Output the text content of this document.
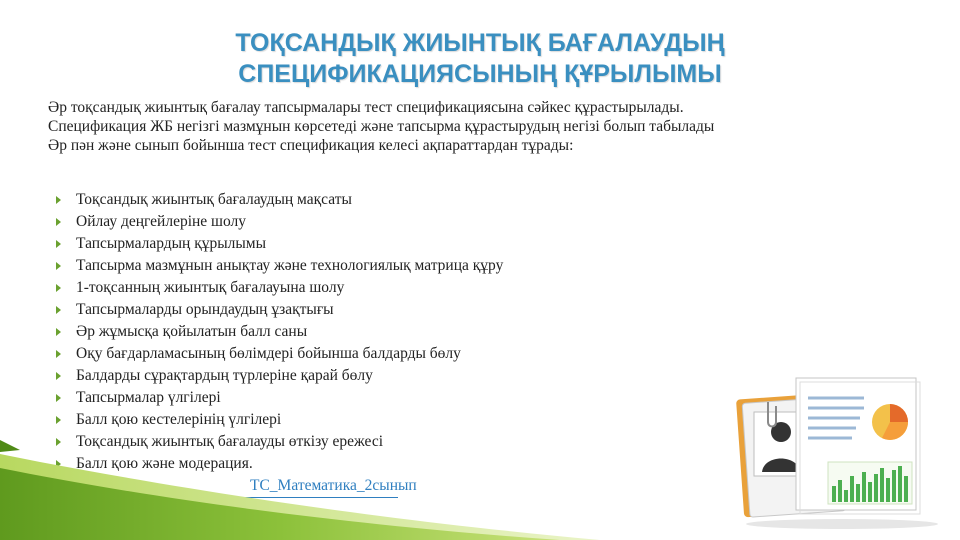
ТОҚСАНДЫҚ ЖИЫНТЫҚ БАҒАЛАУДЫҢ
СПЕЦИФИКАЦИЯСЫНЫҢ ҚҰРЫЛЫМЫ
Әр тоқсандық жиынтық бағалау тапсырмалары тест спецификациясына сәйкес құрастырылады.
Спецификация ЖБ негізгі мазмұнын көрсетеді және тапсырма құрастырудың негізі болып табылады
Әр пән және сынып бойынша тест спецификация келесі ақпараттардан тұрады:
Тоқсандық жиынтық бағалаудың мақсаты
Ойлау деңгейлеріне шолу
Тапсырмалардың құрылымы
Тапсырма мазмұнын анықтау және технологиялық матрица құру
1-тоқсанның жиынтық бағалауына шолу
Тапсырмаларды орындаудың ұзақтығы
Әр жұмысқа қойылатын балл саны
Оқу бағдарламасының бөлімдері бойынша балдарды бөлу
Балдарды сұрақтардың түрлеріне қарай бөлу
Тапсырмалар үлгілері
Балл қою кестелерінің үлгілері
Тоқсандық жиынтық бағалауды өткізу ережесі
Балл қою және модерация.
ТС_Математика_2сынып
